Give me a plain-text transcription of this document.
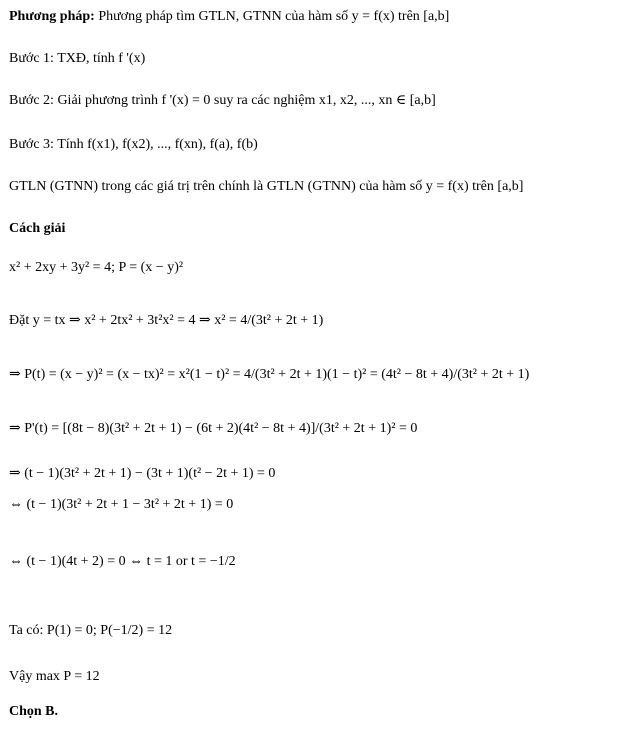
Phương pháp: Phương pháp tìm GTLN, GTNN của hàm số y = f(x) trên [a,b]
Bước 1: TXĐ, tính f '(x)
Bước 2: Giải phương trình f '(x) = 0 suy ra các nghiệm x1, x2, ..., xn ∈ [a,b]
Bước 3: Tính f(x1), f(x2), ..., f(xn), f(a), f(b)
GTLN (GTNN) trong các giá trị trên chính là GTLN (GTNN) của hàm số y = f(x) trên [a,b]
Cách giải
x² + 2xy + 3y² = 4; P = (x − y)²
Đặt y = tx ⇒ x² + 2tx² + 3t²x² = 4 ⇒ x² = 4/(3t² + 2t + 1)
⇒ P(t) = (x − y)² = (x − tx)² = x²(1 − t)² = 4/(3t² + 2t + 1)(1 − t)² = (4t² − 8t + 4)/(3t² + 2t + 1)
⇒ P'(t) = [(8t − 8)(3t² + 2t + 1) − (6t + 2)(4t² − 8t + 4)]/(3t² + 2t + 1)² = 0
⇒ (t − 1)(3t² + 2t + 1) − (3t + 1)(t² − 2t + 1) = 0
⇔ (t − 1)(3t² + 2t + 1 − 3t² + 2t + 1) = 0
⇔ (t − 1)(4t + 2) = 0 ⇔ t = 1 or t = −1/2
Ta có: P(1) = 0; P(−1/2) = 12
Vậy max P = 12
Chọn B.
